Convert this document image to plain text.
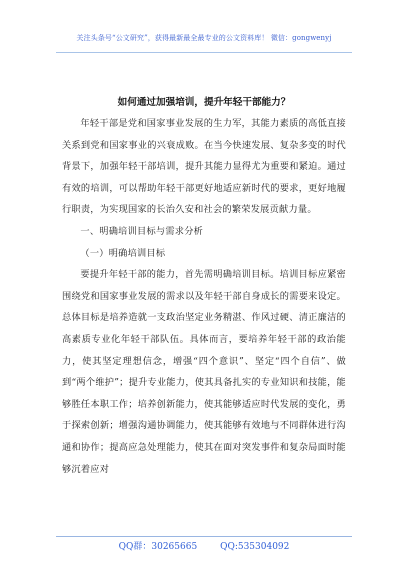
关注头条号“公文研究”，获得最新最全最专业的公文资料库！ 微信：gongwenyj
如何通过加强培训，提升年轻干部能力？

年轻干部是党和国家事业发展的生力军，其能力素质的高低直接关系到党和国家事业的兴衰成败。在当今快速发展、复杂多变的时代背景下，加强年轻干部培训，提升其能力显得尤为重要和紧迫。通过有效的培训，可以帮助年轻干部更好地适应新时代的要求，更好地履行职责，为实现国家的长治久安和社会的繁荣发展贡献力量。

一、明确培训目标与需求分析

（一）明确培训目标

要提升年轻干部的能力，首先需明确培训目标。培训目标应紧密围绕党和国家事业发展的需求以及年轻干部自身成长的需要来设定。总体目标是培养造就一支政治坚定业务精湛、作风过硬、清正廉洁的高素质专业化年轻干部队伍。具体而言，要培养年轻干部的政治能力，使其坚定理想信念，增强“四个意识”、坚定“四个自信”、做到“两个维护”；提升专业能力，使其具备扎实的专业知识和技能，能够胜任本职工作；培养创新能力，使其能够适应时代发展的变化，勇于探索创新；增强沟通协调能力，使其能够有效地与不同群体进行沟通和协作；提高应急处理能力，使其在面对突发事件和复杂局面时能够沉着应对

QQ群：30265665	QQ:535304092
